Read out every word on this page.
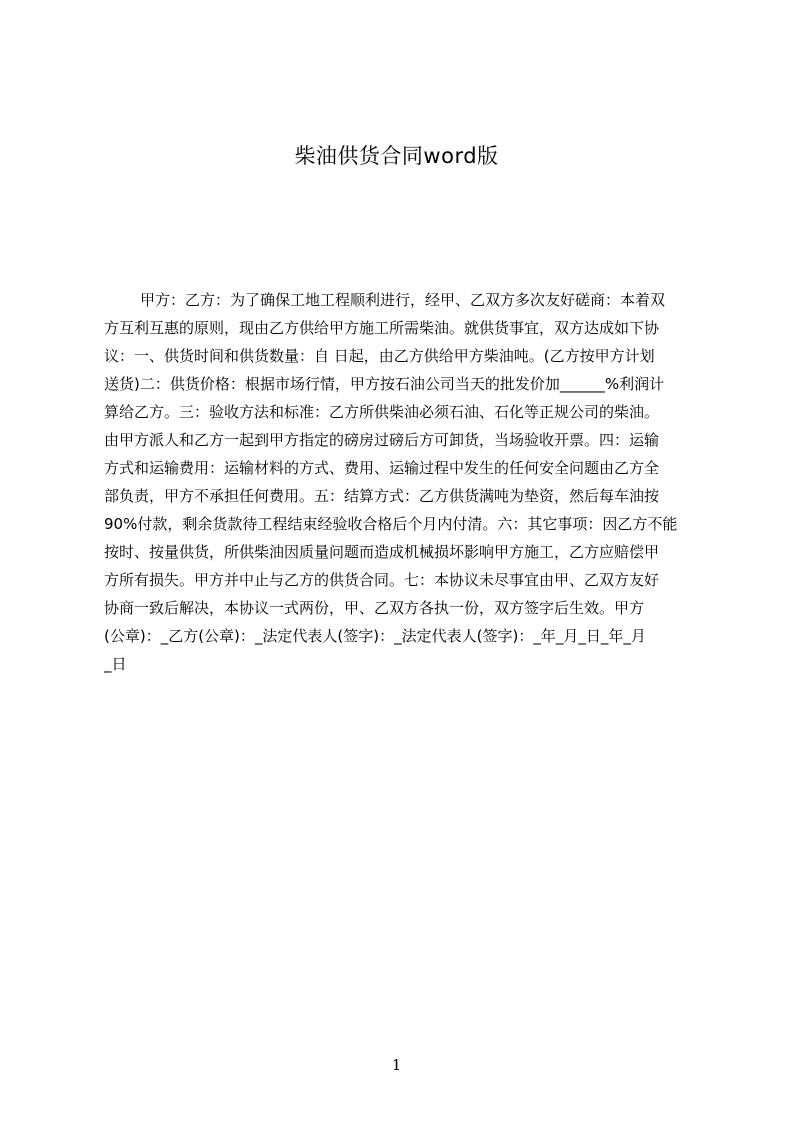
柴油供货合同word版
甲方：乙方：为了确保工地工程顺利进行，经甲、乙双方多次友好磋商：本着双
方互利互惠的原则，现由乙方供给甲方施工所需柴油。就供货事宜，双方达成如下协
议：一、供货时间和供货数量：自 日起，由乙方供给甲方柴油吨。(乙方按甲方计划
送货)二：供货价格：根据市场行情，甲方按石油公司当天的批发价加______%利润计
算给乙方。三：验收方法和标准：乙方所供柴油必须石油、石化等正规公司的柴油。
由甲方派人和乙方一起到甲方指定的磅房过磅后方可卸货，当场验收开票。四：运输
方式和运输费用：运输材料的方式、费用、运输过程中发生的任何安全问题由乙方全
部负责，甲方不承担任何费用。五：结算方式：乙方供货满吨为垫资，然后每车油按
90%付款，剩余货款待工程结束经验收合格后个月内付清。六：其它事项：因乙方不能
按时、按量供货，所供柴油因质量问题而造成机械损坏影响甲方施工，乙方应赔偿甲
方所有损失。甲方并中止与乙方的供货合同。七：本协议未尽事宜由甲、乙双方友好
协商一致后解决，本协议一式两份，甲、乙双方各执一份，双方签字后生效。甲方
(公章)：_乙方(公章)：_法定代表人(签字)：_法定代表人(签字)：_年_月_日_年_月
_日
1
